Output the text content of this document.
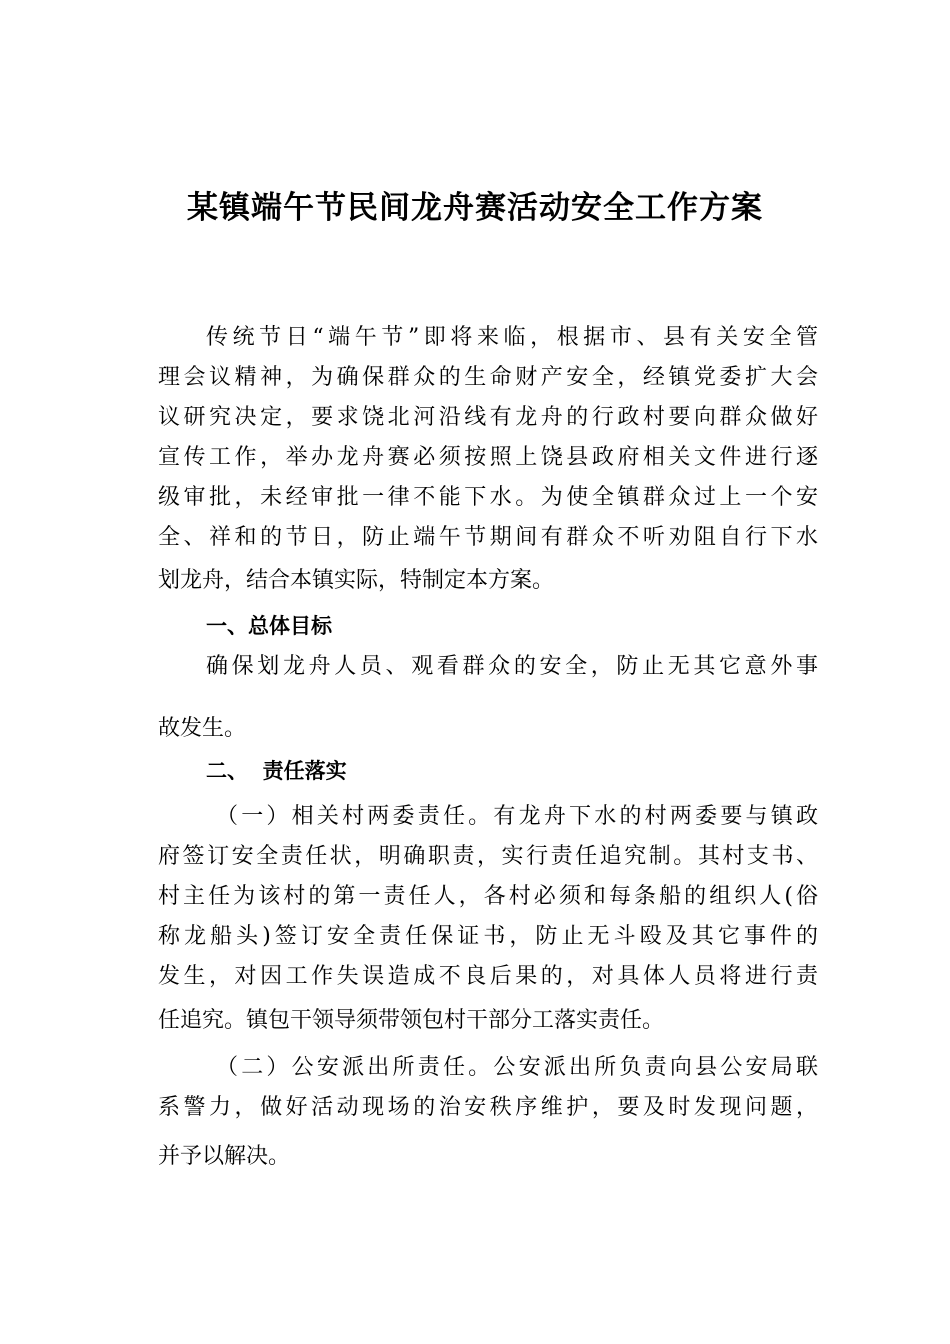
某镇端午节民间龙舟赛活动安全工作方案

传统节日“端午节”即将来临，根据市、县有关安全管

理会议精神，为确保群众的生命财产安全，经镇党委扩大会

议研究决定，要求饶北河沿线有龙舟的行政村要向群众做好

宣传工作，举办龙舟赛必须按照上饶县政府相关文件进行逐

级审批，未经审批一律不能下水。为使全镇群众过上一个安

全、祥和的节日，防止端午节期间有群众不听劝阻自行下水

划龙舟，结合本镇实际，特制定本方案。

一、总体目标

确保划龙舟人员、观看群众的安全，防止无其它意外事

故发生。

二、  责任落实

（一）相关村两委责任。有龙舟下水的村两委要与镇政

府签订安全责任状，明确职责，实行责任追究制。其村支书、

村主任为该村的第一责任人，各村必须和每条船的组织人(俗

称龙船头)签订安全责任保证书，防止无斗殴及其它事件的

发生，对因工作失误造成不良后果的，对具体人员将进行责

任追究。镇包干领导须带领包村干部分工落实责任。

（二）公安派出所责任。公安派出所负责向县公安局联

系警力，做好活动现场的治安秩序维护，要及时发现问题，

并予以解决。
